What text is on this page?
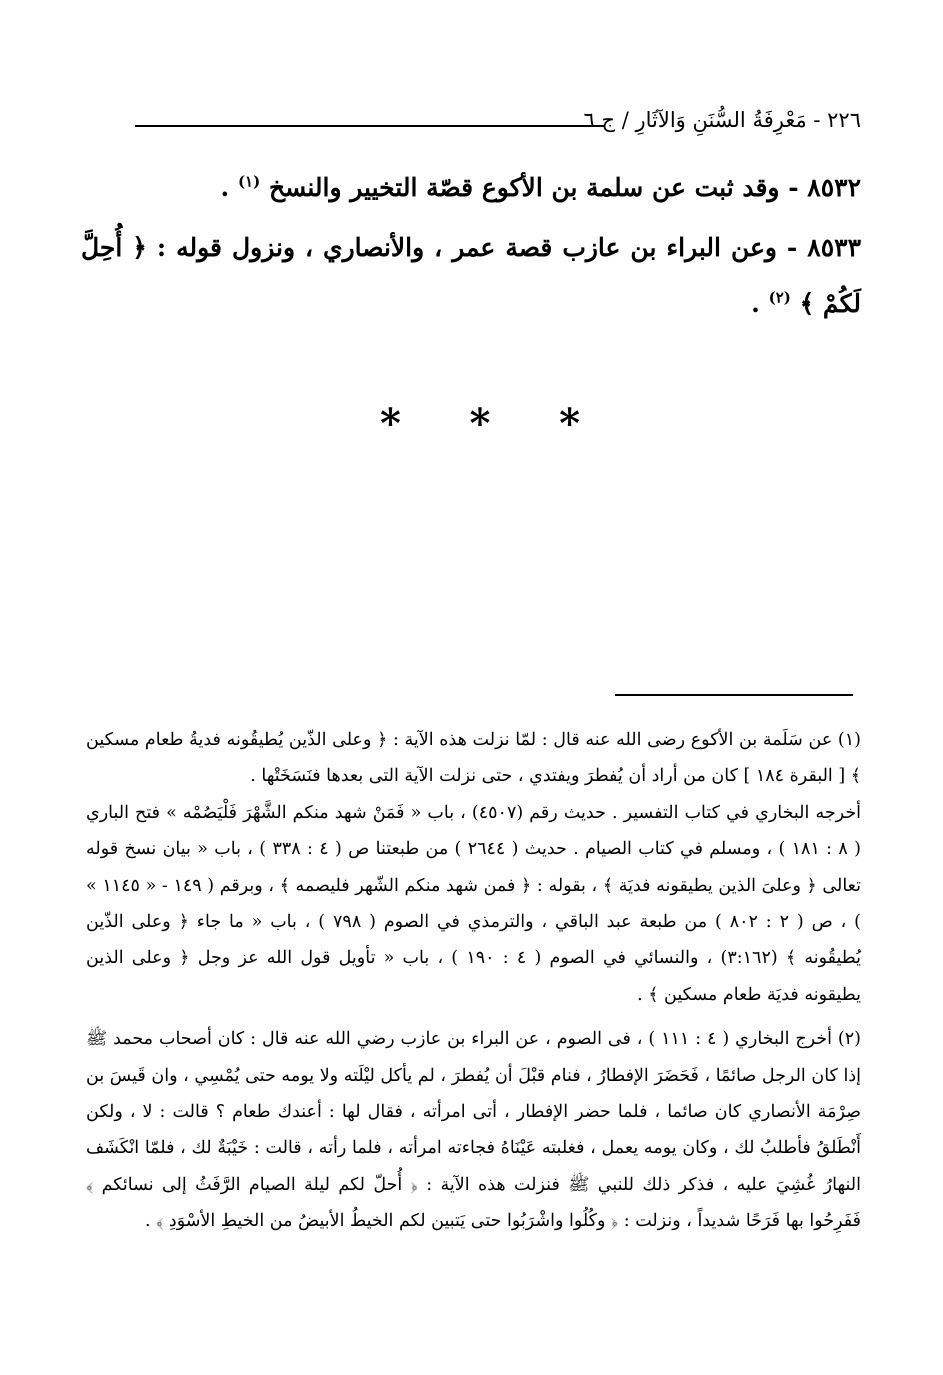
٢٢٦ - مَعْرِفَةُ السُّنَنِ وَالآثَارِ / ج ٦

٨٥٣٢ - وقد ثبت عن سلمة بن الأكوع قصّة التخيير والنسخ $^{(١)}$ .

٨٥٣٣ - وعن البراء بن عازب قصة عمر ، والأنصاري ، ونزول قوله : ﴿ أُحِلَّ لَكُمْ ﴾ $^{(٢)}$ .

* * *

(١) عن سَلَمة بن الأكوع رضى الله عنه قال : لمّا نزلت هذه الآية : ﴿ وعلى الذّين يُطيقُونه فديةُ طعام مسكين ﴾ [ البقرة ١٨٤ ] كان من أراد أن يُفطرَ ويفتدي ، حتى نزلت الآية التى بعدها فنَسَخَتْها .

أخرجه البخاري في كتاب التفسير . حديث رقم (٤٥٠٧) ، باب « فَمَنْ شهد منكم الشَّهْرَ فَلْيَصُمْه » فتح الباري ( ٨ : ١٨١ ) ، ومسلم في كتاب الصيام . حديث ( ٢٦٤٤ ) من طبعتنا ص ( ٤ : ٣٣٨ ) ، باب « بيان نسخ قوله تعالى ﴿ وعلىَ الذين يطيقونه فديَة ﴾ ، بقوله : ﴿ فمن شهد منكم الشّهر فليصمه ﴾ ، وبرقم ( ١٤٩ - « ١١٤٥ » ) ، ص ( ٢ : ٨٠٢ ) من طبعة عبد الباقي ، والترمذي في الصوم ( ٧٩٨ ) ، باب « ما جاء ﴿ وعلى الذّين يُطيقُونه ﴾ (٣:١٦٢) ، والنسائي في الصوم ( ٤ : ١٩٠ ) ، باب « تأويل قول الله عز وجل ﴿ وعلى الذين يطيقونه فديَة طعام مسكين ﴾ .

(٢) أخرج البخاري ( ٤ : ١١١ ) ، فى الصوم ، عن البراء بن عازب رضي الله عنه قال : كان أصحاب محمد ﷺ إذا كان الرجل صائمًا ، فَحَضَرَ الإفطارُ ، فنام قبْلَ أن يُفطرَ ، لم يأكل ليْلَته ولا يومه حتى يُمْسِي ، وان قَيسَ بن صِرْمَة الأنصاري كان صائما ، فلما حضر الإفطار ، أتى امرأته ، فقال لها : أعندك طعام ؟ قالت : لا ، ولكن أَنْطَلقُ فأطلبُ لك ، وكان يومه يعمل ، فغلبته عَيْنَاهُ فجاءته امرأته ، فلما رأته ، قالت : خَيْبَةٌ لك ، فلمّا انْكَشَف النهارُ غُشِيَ عليه ، فذكر ذلك للنبي ﷺ فنزلت هذه الآية : ﴿ أُحلّ لكم ليلة الصيام الرَّفَثُ إلى نسائكم ﴾ فَفَرِحُوا بها فَرَحًا شديداً ، ونزلت : ﴿ وكُلُوا واشْرَبُوا حتى يَتبين لكم الخيطُ الأبيضُ من الخيطِ الأسْوَدِ ﴾ .
